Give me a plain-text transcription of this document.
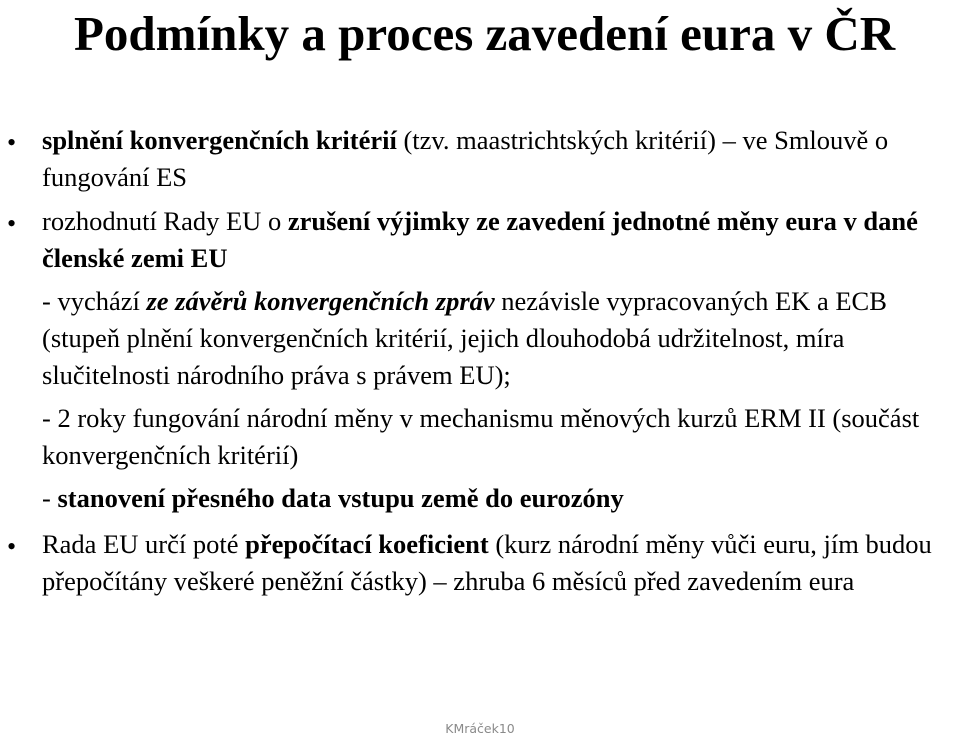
Podmínky a proces zavedení eura v ČR
• splnění konvergenčních kritérií (tzv. maastrichtských kritérií) – ve Smlouvě o fungování ES

• rozhodnutí Rady EU o zrušení výjimky ze zavedení jednotné měny eura v dané členské zemi EU

- vychází ze závěrů konvergenčních zpráv nezávisle vypracovaných EK a ECB (stupeň plnění konvergenčních kritérií, jejich dlouhodobá udržitelnost, míra slučitelnosti národního práva s právem EU);

- 2 roky fungování národní měny v mechanismu měnových kurzů ERM II (součást konvergenčních kritérií)

- stanovení přesného data vstupu země do eurozóny

• Rada EU určí poté přepočítací koeficient (kurz národní měny vůči euru, jím budou přepočítány veškeré peněžní částky) – zhruba 6 měsíců před zavedením eura

KMráček10
